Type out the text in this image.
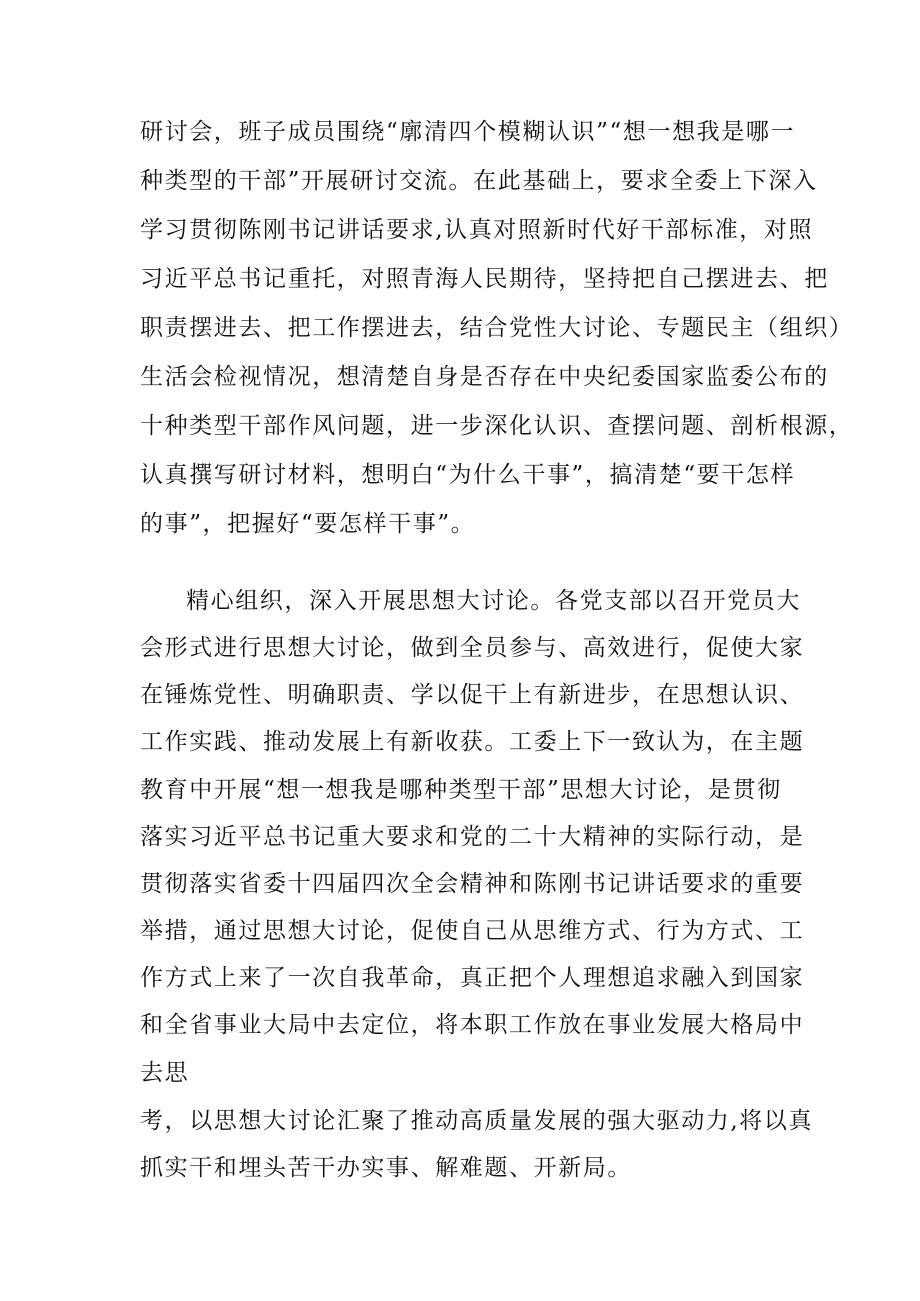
研讨会，班子成员围绕“廓清四个模糊认识”“想一想我是哪一

种类型的干部”开展研讨交流。在此基础上，要求全委上下深入

学习贯彻陈刚书记讲话要求,认真对照新时代好干部标准，对照

习近平总书记重托，对照青海人民期待，坚持把自己摆进去、把

职责摆进去、把工作摆进去，结合党性大讨论、专题民主（组织）

生活会检视情况，想清楚自身是否存在中央纪委国家监委公布的

十种类型干部作风问题，进一步深化认识、查摆问题、剖析根源，

认真撰写研讨材料，想明白“为什么干事”，搞清楚“要干怎样

的事”，把握好“要怎样干事”。

精心组织，深入开展思想大讨论。各党支部以召开党员大

会形式进行思想大讨论，做到全员参与、高效进行，促使大家

在锤炼党性、明确职责、学以促干上有新进步，在思想认识、

工作实践、推动发展上有新收获。工委上下一致认为，在主题

教育中开展“想一想我是哪种类型干部”思想大讨论，是贯彻

落实习近平总书记重大要求和党的二十大精神的实际行动，是

贯彻落实省委十四届四次全会精神和陈刚书记讲话要求的重要

举措，通过思想大讨论，促使自己从思维方式、行为方式、工

作方式上来了一次自我革命，真正把个人理想追求融入到国家

和全省事业大局中去定位，将本职工作放在事业发展大格局中

去思

考，以思想大讨论汇聚了推动高质量发展的强大驱动力,将以真

抓实干和埋头苦干办实事、解难题、开新局。
